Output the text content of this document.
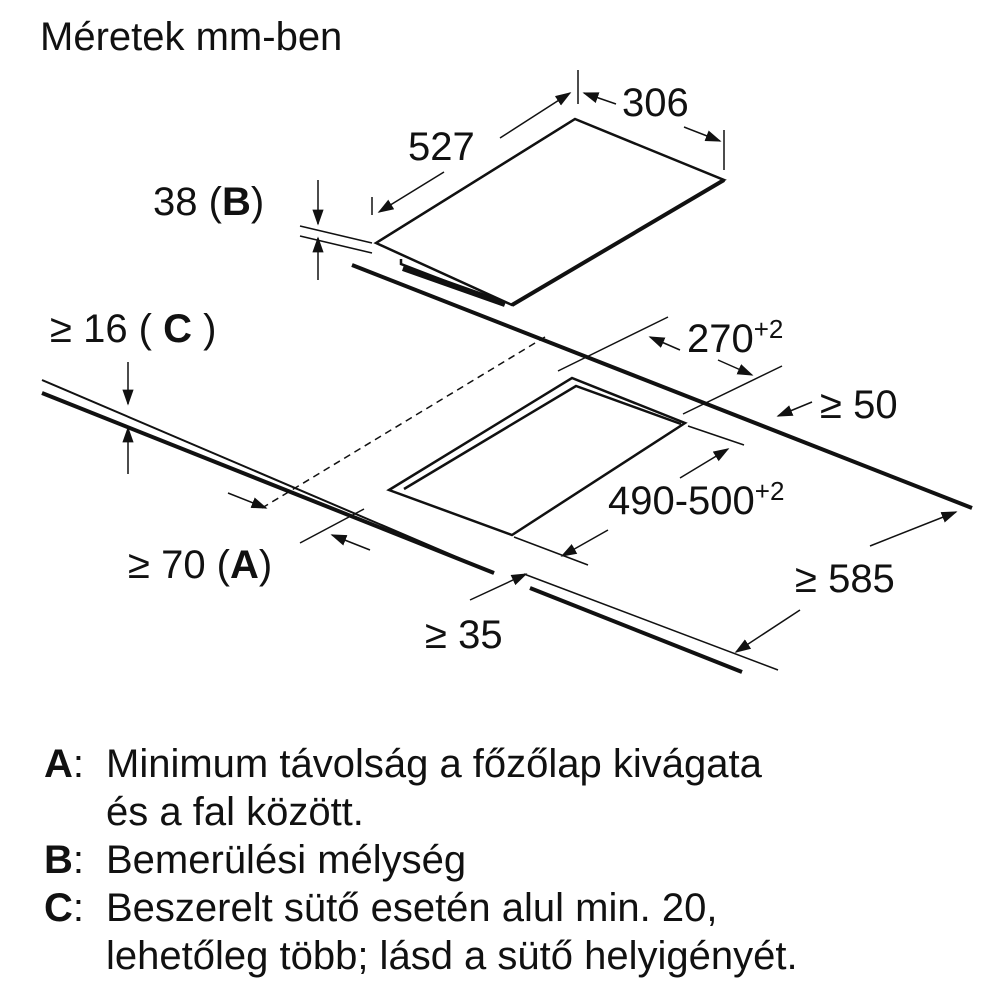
Méretek mm-ben
527
306
38 (B)
$270^{+2}$
$490-500^{+2}$
≥ 50
≥ 16 ( C )
≥ 70 (A)
≥ 35
≥ 585
A: Minimum távolság a főzőlap kivágata
és a fal között.
B: Bemerülési mélység
C: Beszerelt sütő esetén alul min. 20,
lehetőleg több; lásd a sütő helyigényét.
